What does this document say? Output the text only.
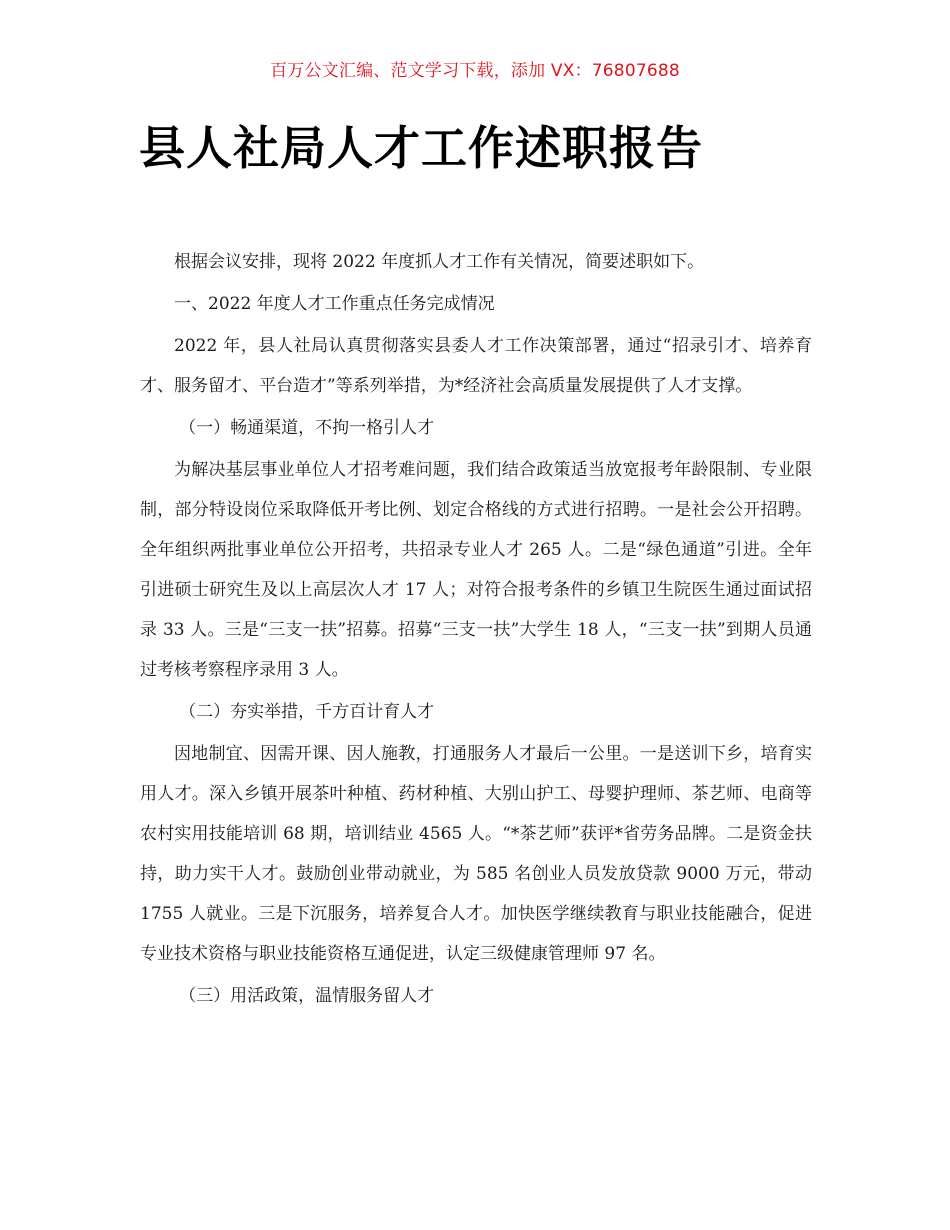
百万公文汇编、范文学习下载，添加 VX：76807688
县人社局人才工作述职报告

根据会议安排，现将 2022 年度抓人才工作有关情况，简要述职如下。

一、2022 年度人才工作重点任务完成情况

2022 年，县人社局认真贯彻落实县委人才工作决策部署，通过“招录引才、培养育才、服务留才、平台造才”等系列举措，为*经济社会高质量发展提供了人才支撑。

（一）畅通渠道，不拘一格引人才

为解决基层事业单位人才招考难问题，我们结合政策适当放宽报考年龄限制、专业限制，部分特设岗位采取降低开考比例、划定合格线的方式进行招聘。一是社会公开招聘。全年组织两批事业单位公开招考，共招录专业人才 265 人。二是“绿色通道”引进。全年引进硕士研究生及以上高层次人才 17 人；对符合报考条件的乡镇卫生院医生通过面试招录 33 人。三是“三支一扶”招募。招募“三支一扶”大学生 18 人，“三支一扶”到期人员通过考核考察程序录用 3 人。

（二）夯实举措，千方百计育人才

因地制宜、因需开课、因人施教，打通服务人才最后一公里。一是送训下乡，培育实用人才。深入乡镇开展茶叶种植、药材种植、大别山护工、母婴护理师、茶艺师、电商等农村实用技能培训 68 期，培训结业 4565 人。“*茶艺师”获评*省劳务品牌。二是资金扶持，助力实干人才。鼓励创业带动就业，为 585 名创业人员发放贷款 9000 万元，带动 1755 人就业。三是下沉服务，培养复合人才。加快医学继续教育与职业技能融合，促进专业技术资格与职业技能资格互通促进，认定三级健康管理师 97 名。

（三）用活政策，温情服务留人才
